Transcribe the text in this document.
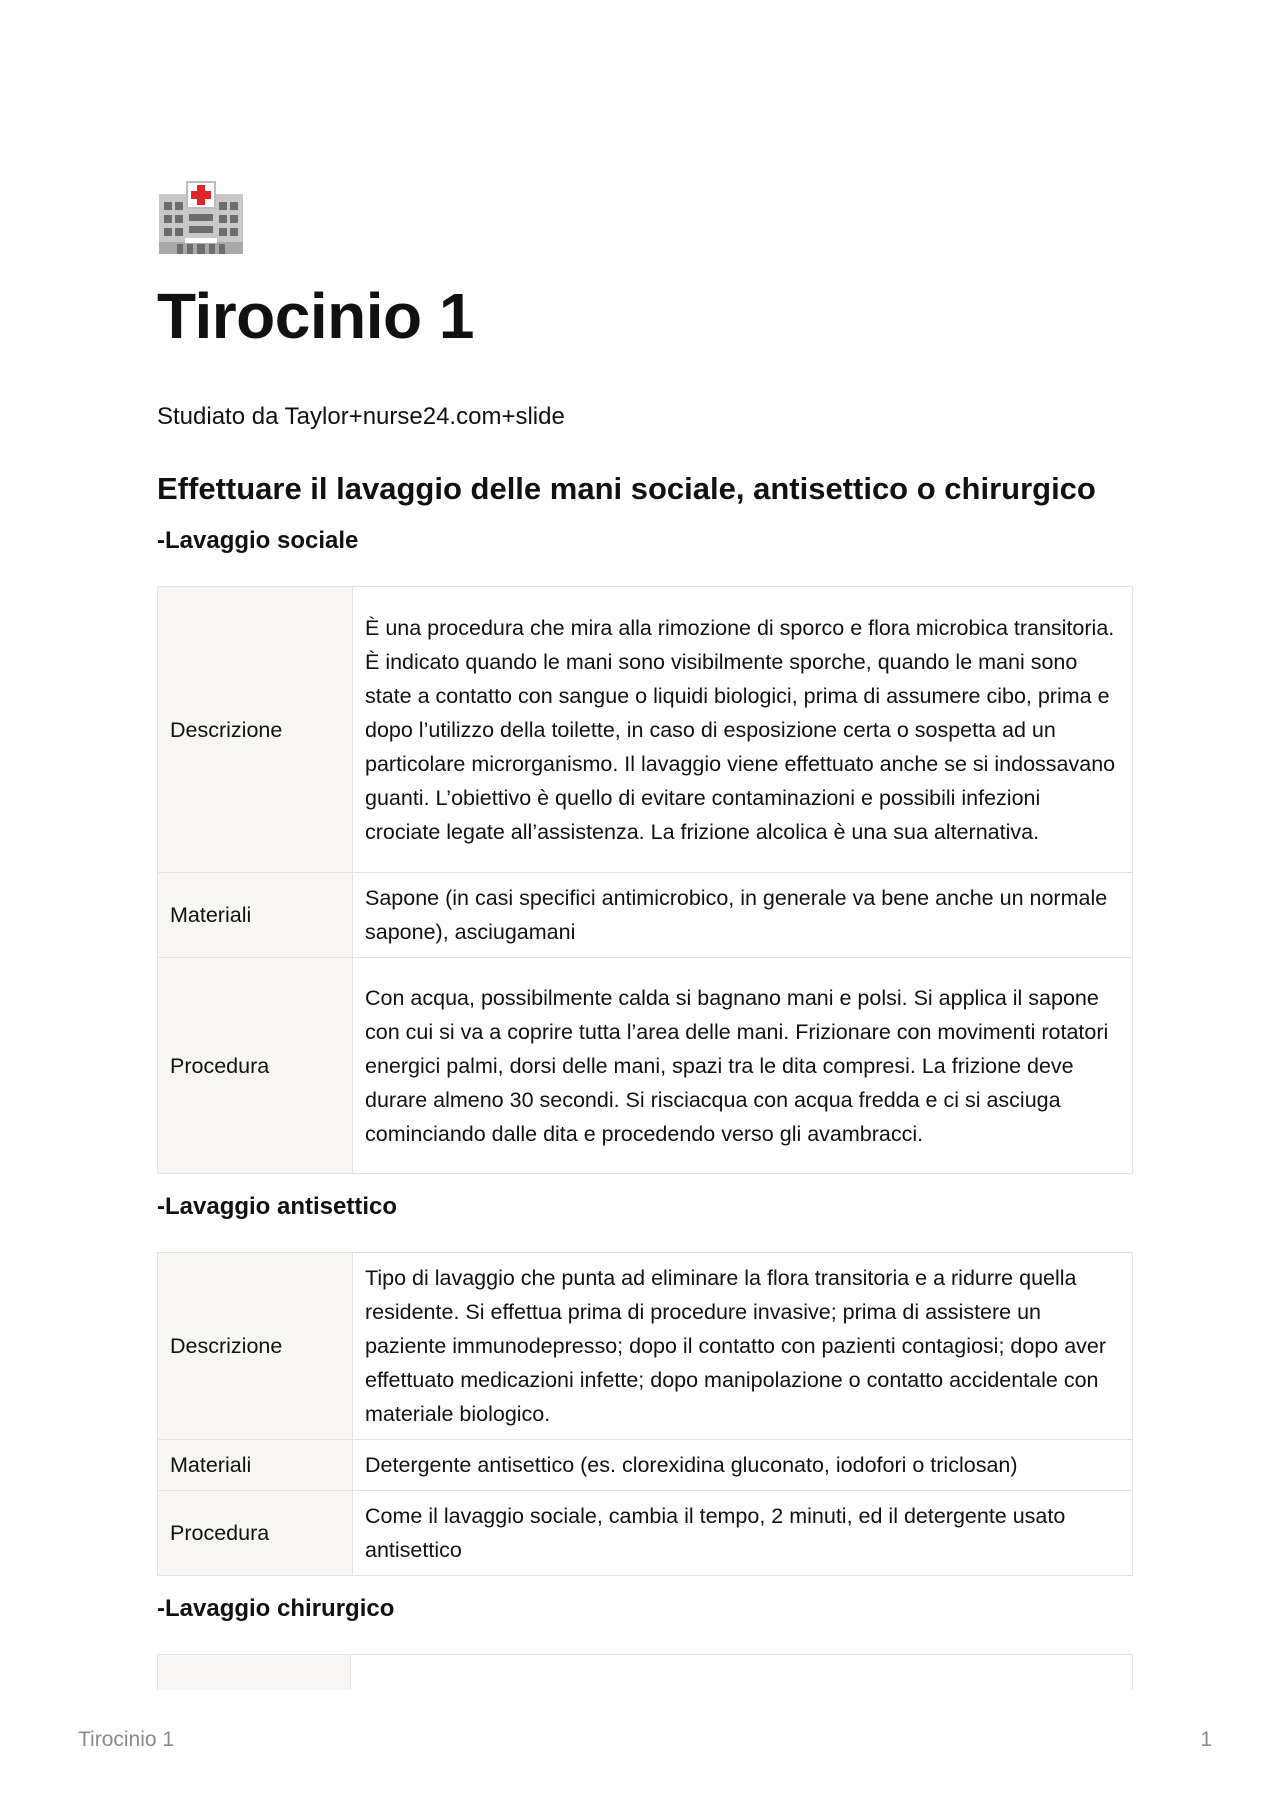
Tirocinio 1
Studiato da Taylor+nurse24.com+slide
Effettuare il lavaggio delle mani sociale, antisettico o chirurgico
-Lavaggio sociale
Descrizione	È una procedura che mira alla rimozione di sporco e flora microbica transitoria. È indicato quando le mani sono visibilmente sporche, quando le mani sono state a contatto con sangue o liquidi biologici, prima di assumere cibo, prima e dopo l’utilizzo della toilette, in caso di esposizione certa o sospetta ad un particolare microrganismo. Il lavaggio viene effettuato anche se si indossavano guanti. L’obiettivo è quello di evitare contaminazioni e possibili infezioni crociate legate all’assistenza. La frizione alcolica è una sua alternativa.
Materiali	Sapone (in casi specifici antimicrobico, in generale va bene anche un normale sapone), asciugamani
Procedura	Con acqua, possibilmente calda si bagnano mani e polsi. Si applica il sapone con cui si va a coprire tutta l’area delle mani. Frizionare con movimenti rotatori energici palmi, dorsi delle mani, spazi tra le dita compresi. La frizione deve durare almeno 30 secondi. Si risciacqua con acqua fredda e ci si asciuga cominciando dalle dita e procedendo verso gli avambracci.
-Lavaggio antisettico
Descrizione	Tipo di lavaggio che punta ad eliminare la flora transitoria e a ridurre quella residente. Si effettua prima di procedure invasive; prima di assistere un paziente immunodepresso; dopo il contatto con pazienti contagiosi; dopo aver effettuato medicazioni infette; dopo manipolazione o contatto accidentale con materiale biologico.
Materiali	Detergente antisettico (es. clorexidina gluconato, iodofori o triclosan)
Procedura	Come il lavaggio sociale, cambia il tempo, 2 minuti, ed il detergente usato antisettico
-Lavaggio chirurgico
Tirocinio 1	1
